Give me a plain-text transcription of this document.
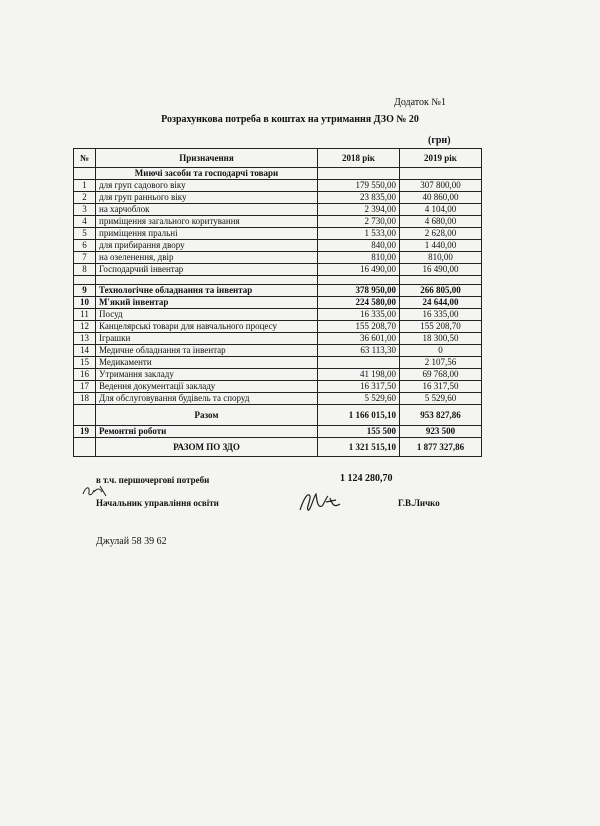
Додаток №1
Розрахункова потреба в коштах на утримання ДЗО № 20
(грн)
№	Призначення	2018 рік	2019 рік
	Миючі засоби та господарчі товари		
1	для груп садового віку	179 550,00	307 800,00
2	для груп раннього віку	23 835,00	40 860,00
3	на харчоблок	2 394,00	4 104,00
4	приміщення загального коритування	2 730,00	4 680,00
5	приміщення пральні	1 533,00	2 628,00
6	для прибирання двору	840,00	1 440,00
7	на озеленення, двір	810,00	810,00
8	Господарчий інвентар	16 490,00	16 490,00

9	Технологічне обладнання та інвентар	378 950,00	266 805,00
10	М'який інвентар	224 580,00	24 644,00
11	Посуд	16 335,00	16 335,00
12	Канцелярські товари для навчального процесу	155 208,70	155 208,70
13	Іграшки	36 601,00	18 300,50
14	Медичне обладнання та інвентар	63 113,30	0
15	Медикаменти		2 107,56
16	Утримання закладу	41 198,00	69 768,00
17	Ведення документації закладу	16 317,50	16 317,50
18	Для обслуговування будівель та споруд	5 529,60	5 529,60
	Разом	1 166 015,10	953 827,86
19	Ремонтні роботи	155 500	923 500
	РАЗОМ ПО ЗДО	1 321 515,10	1 877 327,86
в т.ч. першочергові потреби	1 124 280,70
Начальник управління освіти	Г.В.Личко
Джулай 58 39 62
